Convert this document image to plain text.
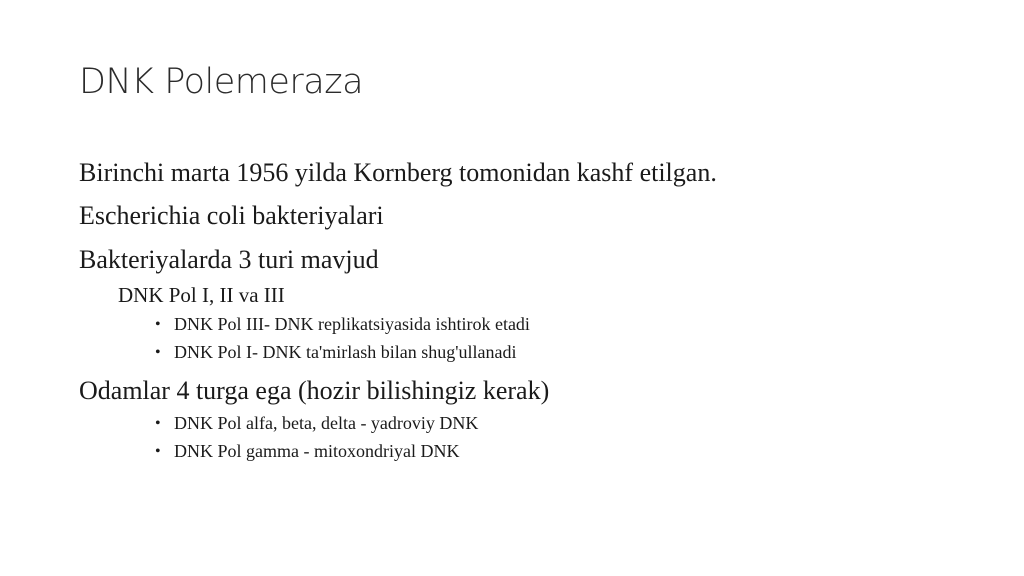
DNK Polemeraza
Birinchi marta 1956 yilda Kornberg tomonidan kashf etilgan.
Escherichia coli bakteriyalari
Bakteriyalarda 3 turi mavjud
DNK Pol I, II va III
• DNK Pol III- DNK replikatsiyasida ishtirok etadi
• DNK Pol I- DNK ta'mirlash bilan shug'ullanadi
Odamlar 4 turga ega (hozir bilishingiz kerak)
• DNK Pol alfa, beta, delta - yadroviy DNK
• DNK Pol gamma - mitoxondriyal DNK
